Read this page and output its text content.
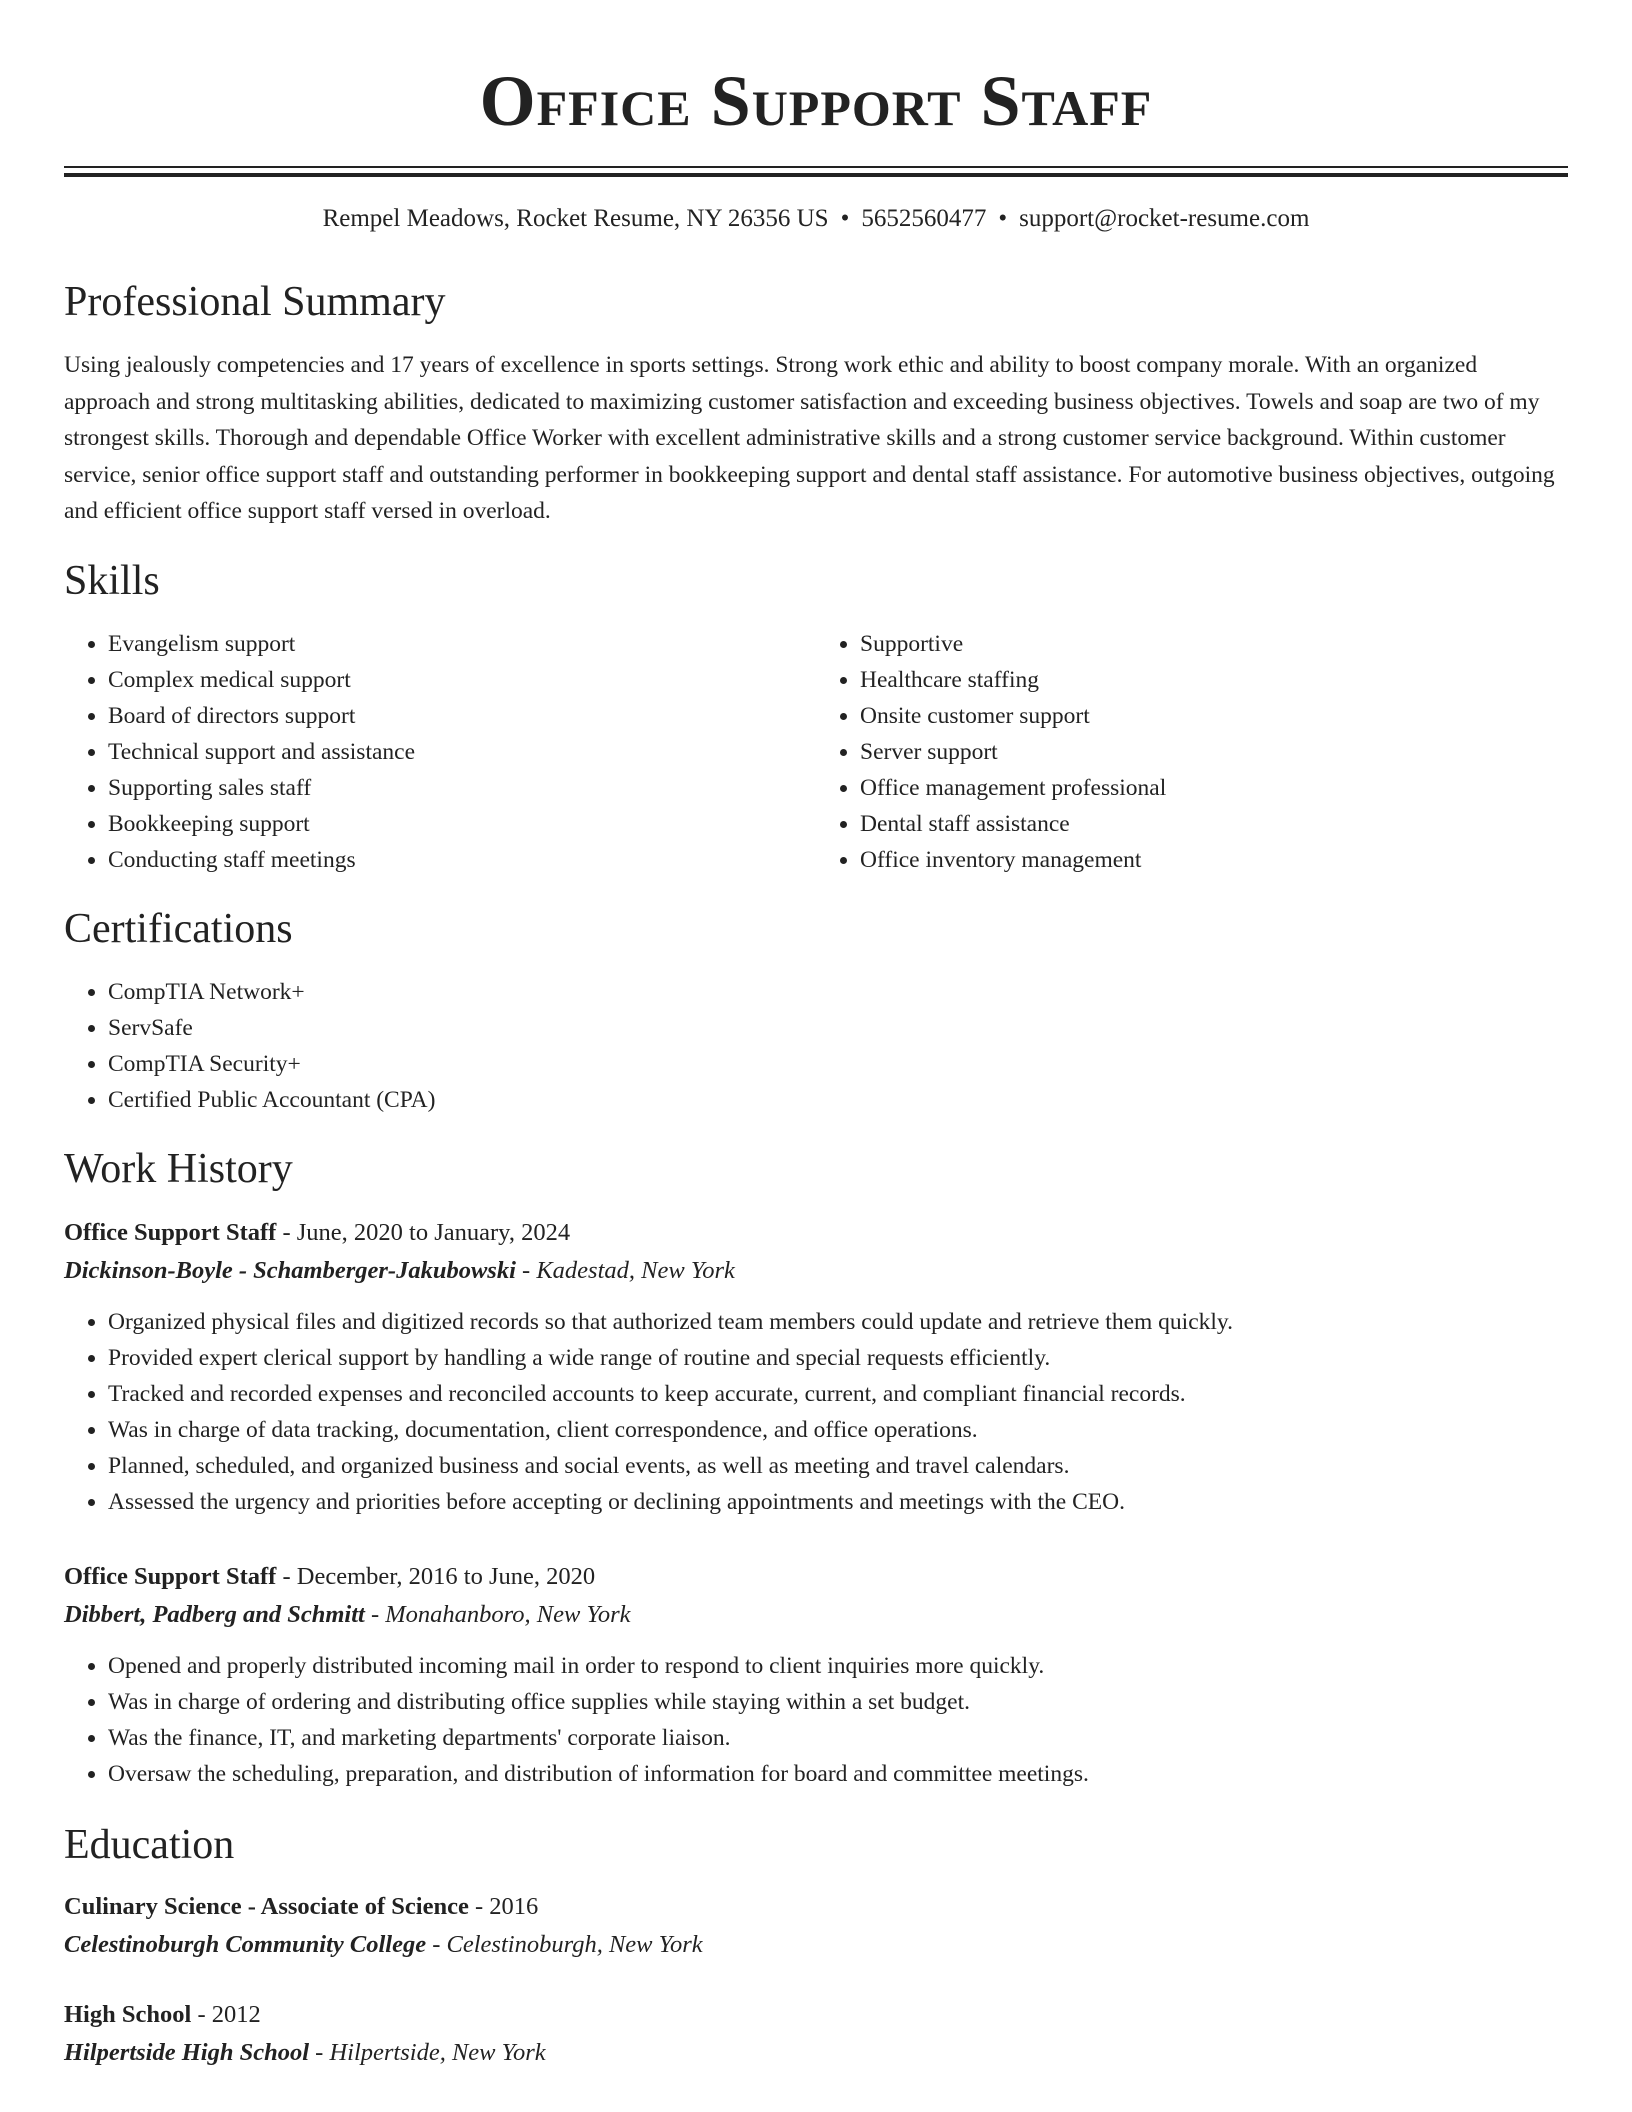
Office Support Staff
Rempel Meadows, Rocket Resume, NY 26356 US • 5652560477 • support@rocket-resume.com
Professional Summary

Using jealously competencies and 17 years of excellence in sports settings. Strong work ethic and ability to boost company morale. With an organized approach and strong multitasking abilities, dedicated to maximizing customer satisfaction and exceeding business objectives. Towels and soap are two of my strongest skills. Thorough and dependable Office Worker with excellent administrative skills and a strong customer service background. Within customer service, senior office support staff and outstanding performer in bookkeeping support and dental staff assistance. For automotive business objectives, outgoing and efficient office support staff versed in overload.

Skills
• Evangelism support
• Complex medical support
• Board of directors support
• Technical support and assistance
• Supporting sales staff
• Bookkeeping support
• Conducting staff meetings
• Supportive
• Healthcare staffing
• Onsite customer support
• Server support
• Office management professional
• Dental staff assistance
• Office inventory management
Certifications
• CompTIA Network+
• ServSafe
• CompTIA Security+
• Certified Public Accountant (CPA)
Work History
Office Support Staff - June, 2020 to January, 2024
Dickinson-Boyle - Schamberger-Jakubowski - Kadestad, New York
• Organized physical files and digitized records so that authorized team members could update and retrieve them quickly.
• Provided expert clerical support by handling a wide range of routine and special requests efficiently.
• Tracked and recorded expenses and reconciled accounts to keep accurate, current, and compliant financial records.
• Was in charge of data tracking, documentation, client correspondence, and office operations.
• Planned, scheduled, and organized business and social events, as well as meeting and travel calendars.
• Assessed the urgency and priorities before accepting or declining appointments and meetings with the CEO.
Office Support Staff - December, 2016 to June, 2020
Dibbert, Padberg and Schmitt - Monahanboro, New York
• Opened and properly distributed incoming mail in order to respond to client inquiries more quickly.
• Was in charge of ordering and distributing office supplies while staying within a set budget.
• Was the finance, IT, and marketing departments' corporate liaison.
• Oversaw the scheduling, preparation, and distribution of information for board and committee meetings.
Education
Culinary Science - Associate of Science - 2016
Celestinoburgh Community College - Celestinoburgh, New York
High School - 2012
Hilpertside High School - Hilpertside, New York
